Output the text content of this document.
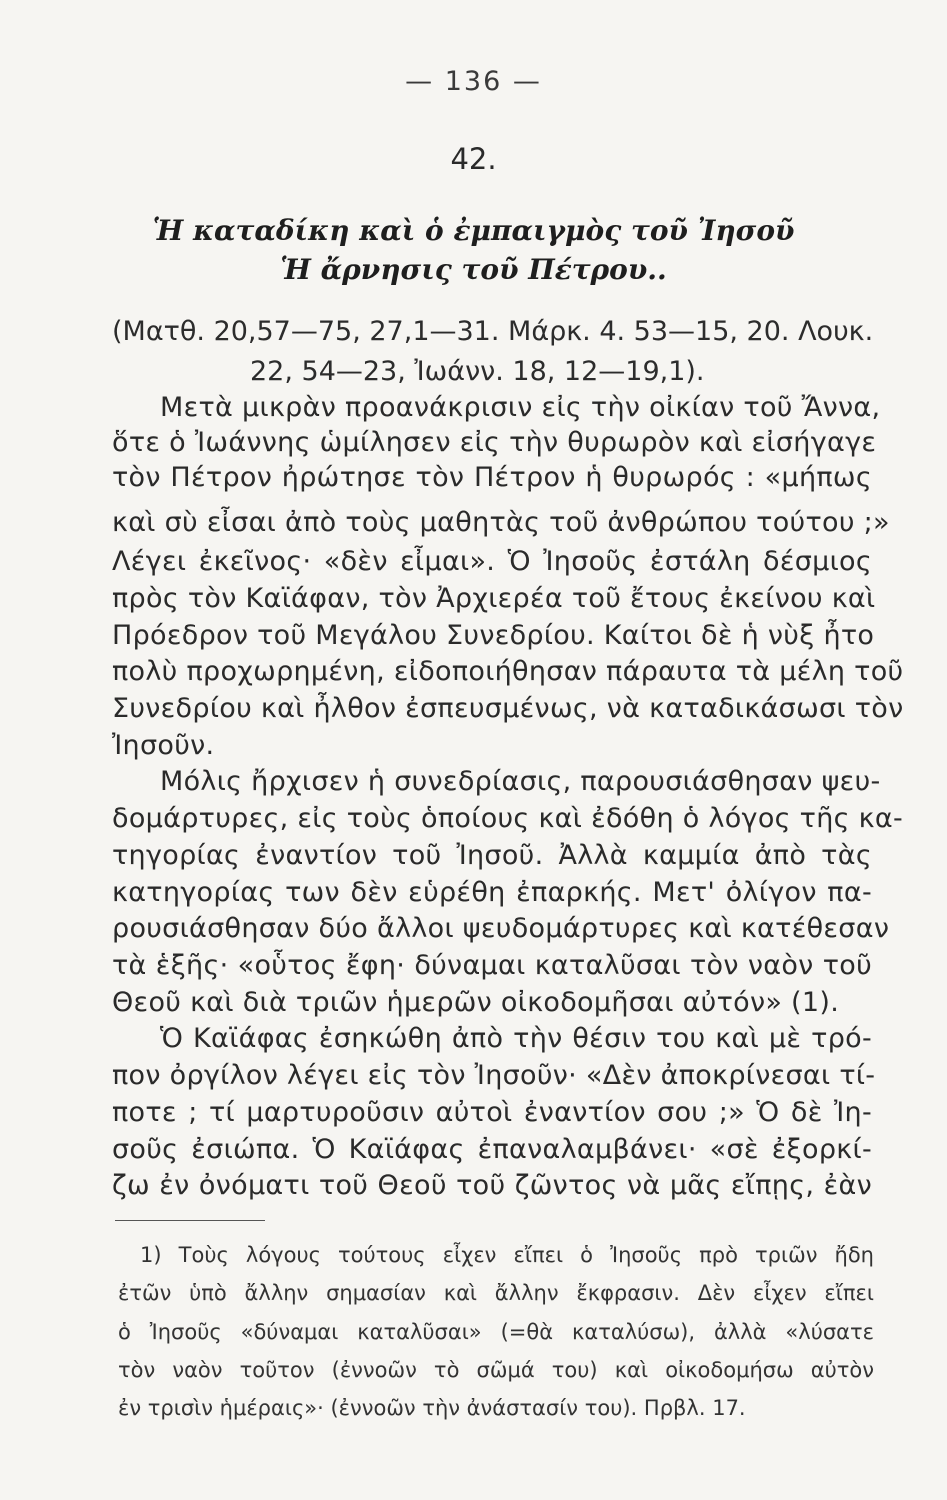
— 136 —
42.
Ἡ καταδίκη καὶ ὁ ἐμπαιγμὸς τοῦ Ἰησοῦ
Ἡ ἄρνησις τοῦ Πέτρου..
(Ματθ. 20,57—75, 27,1—31. Μάρκ. 4. 53—15, 20. Λουκ.
22, 54—23, Ἰωάνν. 18, 12—19,1).
Μετὰ μικρὰν προανάκρισιν εἰς τὴν οἰκίαν τοῦ Ἄννα,
ὅτε ὁ Ἰωάννης ὡμίλησεν εἰς τὴν θυρωρὸν καὶ εἰσήγαγε
τὸν Πέτρον ἠρώτησε τὸν Πέτρον ἡ θυρωρός : «μήπως
καὶ σὺ εἶσαι ἀπὸ τοὺς μαθητὰς τοῦ ἀνθρώπου τούτου ;»
Λέγει ἐκεῖνος· «δὲν εἶμαι». Ὁ Ἰησοῦς ἐστάλη δέσμιος
πρὸς τὸν Καϊάφαν, τὸν Ἀρχιερέα τοῦ ἔτους ἐκείνου καὶ
Πρόεδρον τοῦ Μεγάλου Συνεδρίου. Καίτοι δὲ ἡ νὺξ ἦτο
πολὺ προχωρημένη, εἰδοποιήθησαν πάραυτα τὰ μέλη τοῦ
Συνεδρίου καὶ ἦλθον ἐσπευσμένως, νὰ καταδικάσωσι τὸν
Ἰησοῦν.
Μόλις ἤρχισεν ἡ συνεδρίασις, παρουσιάσθησαν ψευ-
δομάρτυρες, εἰς τοὺς ὁποίους καὶ ἐδόθη ὁ λόγος τῆς κα-
τηγορίας ἐναντίον τοῦ Ἰησοῦ. Ἀλλὰ καμμία ἀπὸ τὰς
κατηγορίας των δὲν εὑρέθη ἐπαρκής. Μετ' ὀλίγον πα-
ρουσιάσθησαν δύο ἄλλοι ψευδομάρτυρες καὶ κατέθεσαν
τὰ ἑξῆς· «οὗτος ἔφη· δύναμαι καταλῦσαι τὸν ναὸν τοῦ
Θεοῦ καὶ διὰ τριῶν ἡμερῶν οἰκοδομῆσαι αὐτόν» (1).
Ὁ Καϊάφας ἐσηκώθη ἀπὸ τὴν θέσιν του καὶ μὲ τρό-
πον ὀργίλον λέγει εἰς τὸν Ἰησοῦν· «Δὲν ἀποκρίνεσαι τί-
ποτε ; τί μαρτυροῦσιν αὐτοὶ ἐναντίον σου ;» Ὁ δὲ Ἰη-
σοῦς ἐσιώπα. Ὁ Καϊάφας ἐπαναλαμβάνει· «σὲ ἐξορκί-
ζω ἐν ὀνόματι τοῦ Θεοῦ τοῦ ζῶντος νὰ μᾶς εἴπῃς, ἐὰν
1) Τοὺς λόγους τούτους εἶχεν εἴπει ὁ Ἰησοῦς πρὸ τριῶν ἤδη
ἐτῶν ὑπὸ ἄλλην σημασίαν καὶ ἄλλην ἔκφρασιν. Δὲν εἶχεν εἴπει
ὁ Ἰησοῦς «δύναμαι καταλῦσαι» (=θὰ καταλύσω), ἀλλὰ «λύσατε
τὸν ναὸν τοῦτον (ἐννοῶν τὸ σῶμά του) καὶ οἰκοδομήσω αὐτὸν
ἐν τρισὶν ἡμέραις»· (ἐννοῶν τὴν ἀνάστασίν του). Πρβλ. 17.
